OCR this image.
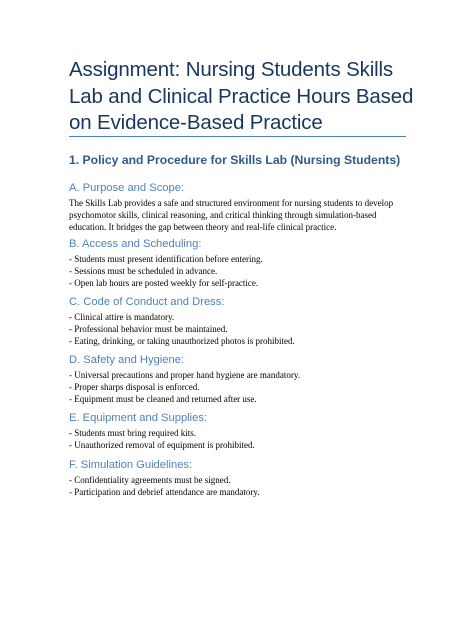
Assignment: Nursing Students Skills Lab and Clinical Practice Hours Based on Evidence-Based Practice
1. Policy and Procedure for Skills Lab (Nursing Students)
A. Purpose and Scope:
The Skills Lab provides a safe and structured environment for nursing students to develop
psychomotor skills, clinical reasoning, and critical thinking through simulation-based
education. It bridges the gap between theory and real-life clinical practice.
B. Access and Scheduling:
- Students must present identification before entering.
- Sessions must be scheduled in advance.
- Open lab hours are posted weekly for self-practice.
C. Code of Conduct and Dress:
- Clinical attire is mandatory.
- Professional behavior must be maintained.
- Eating, drinking, or taking unauthorized photos is prohibited.
D. Safety and Hygiene:
- Universal precautions and proper hand hygiene are mandatory.
- Proper sharps disposal is enforced.
- Equipment must be cleaned and returned after use.
E. Equipment and Supplies:
- Students must bring required kits.
- Unauthorized removal of equipment is prohibited.
F. Simulation Guidelines:
- Confidentiality agreements must be signed.
- Participation and debrief attendance are mandatory.
